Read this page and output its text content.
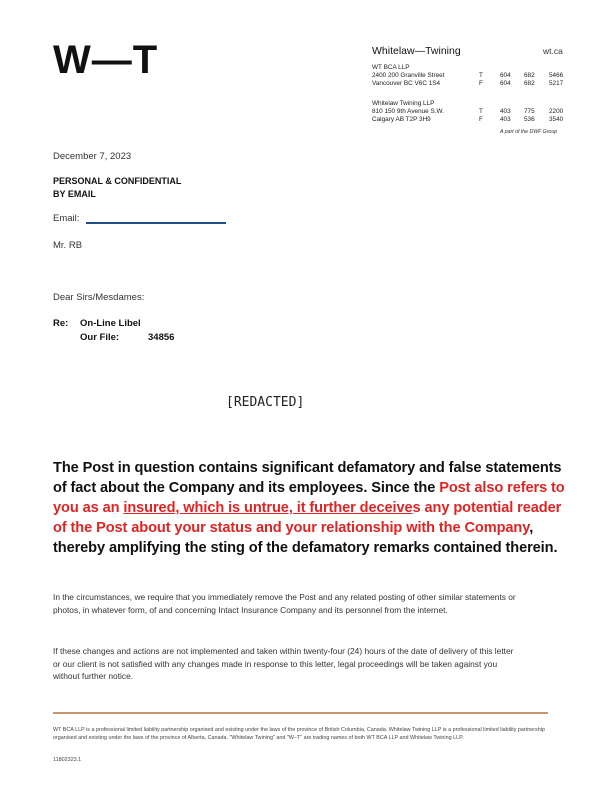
W—T	Whitelaw—Twining	wt.ca
WT BCA LLP
2400 200 Granville Street	T	604	682	5466
Vancouver BC V6C 1S4	F	604	682	5217
Whitelaw Twining LLP
810 150 9th Avenue S.W.	T	403	775	2200
Calgary AB T2P 3H9	F	403	536	3540
A part of the DWF Group
December 7, 2023
PERSONAL & CONFIDENTIAL
BY EMAIL
Email:
Mr. RB
Dear Sirs/Mesdames:
Re:	On-Line Libel
Our File:	34856
[REDACTED]
The Post in question contains significant defamatory and false statements of fact about the Company and its employees. Since the Post also refers to you as an insured, which is untrue, it further deceives any potential reader of the Post about your status and your relationship with the Company, thereby amplifying the sting of the defamatory remarks contained therein.
In the circumstances, we require that you immediately remove the Post and any related posting of other similar statements or photos, in whatever form, of and concerning Intact Insurance Company and its personnel from the internet.
If these changes and actions are not implemented and taken within twenty-four (24) hours of the date of delivery of this letter or our client is not satisfied with any changes made in response to this letter, legal proceedings will be taken against you without further notice.
WT BCA LLP is a professional limited liability partnership organised and existing under the laws of the province of British Columbia, Canada. Whitelaw Twining LLP is a professional limited liability partnership organised and existing under the laws of the province of Alberta, Canada. "Whitelaw Twining" and "W–T" are trading names of both WT BCA LLP and Whitelaw Twining LLP.
11802323.1
